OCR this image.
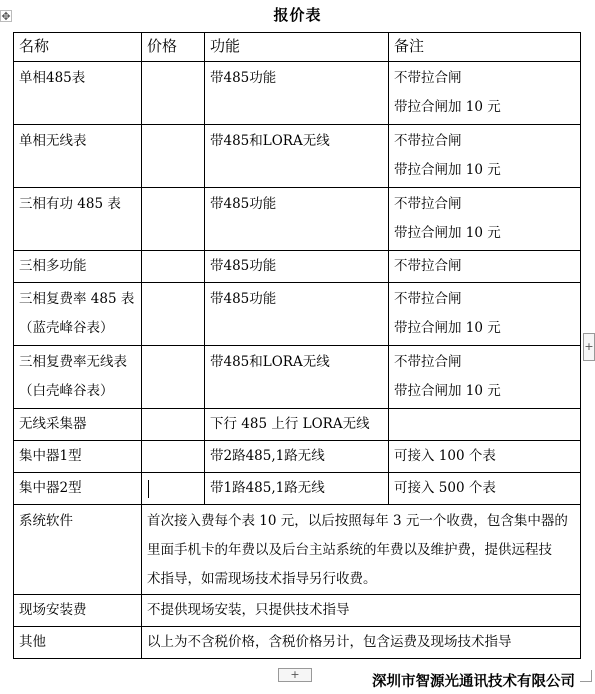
✥	报价表
名称	价格	功能	备注

单相485表		带485功能	不带拉合闸
带拉合闸加 10 元

单相无线表		带485和LORA无线	不带拉合闸
带拉合闸加 10 元

三相有功 485 表		带485功能	不带拉合闸
带拉合闸加 10 元

三相多功能		带485功能	不带拉合闸

三相复费率 485 表
（蓝壳峰谷表）		带485功能	不带拉合闸
带拉合闸加 10 元

三相复费率无线表
（白壳峰谷表）		带485和LORA无线	不带拉合闸
带拉合闸加 10 元

无线采集器		下行 485 上行 LORA无线	

集中器1型		带2路485,1路无线	可接入 100 个表

集中器2型		带1路485,1路无线	可接入 500 个表

系统软件	首次接入费每个表 10 元，以后按照每年 3 元一个收费，包含集中器的
里面手机卡的年费以及后台主站系统的年费以及维护费，提供远程技
术指导，如需现场技术指导另行收费。		

现场安装费	不提供现场安装，只提供技术指导		

其他	以上为不含税价格，含税价格另计，包含运费及现场技术指导		
+
+	深圳市智源光通讯技术有限公司
